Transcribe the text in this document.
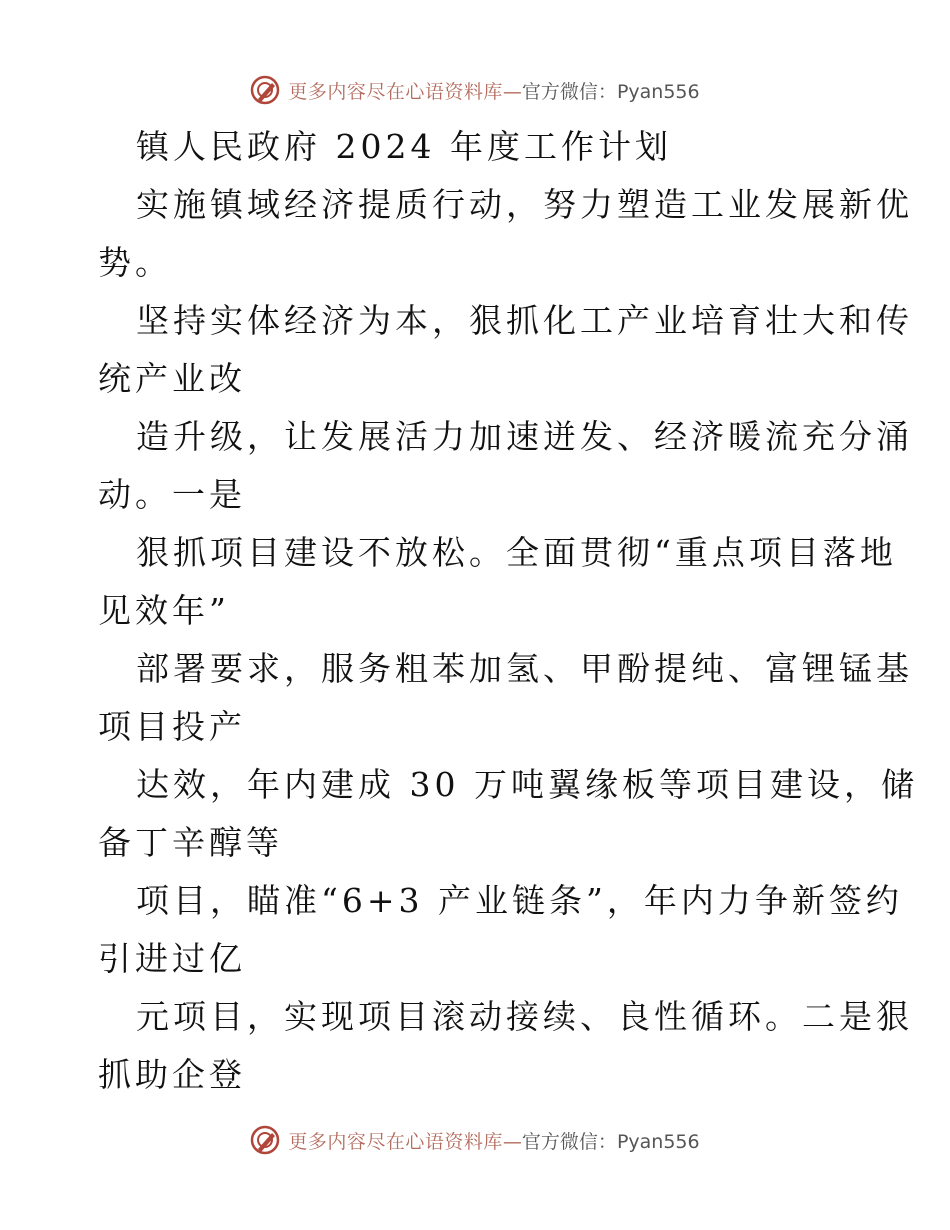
更多内容尽在心语资料库—官方微信：Pyan556
镇人民政府 2024 年度工作计划
实施镇域经济提质行动，努力塑造工业发展新优
势。
坚持实体经济为本，狠抓化工产业培育壮大和传
统产业改
造升级，让发展活力加速迸发、经济暖流充分涌
动。一是
狠抓项目建设不放松。全面贯彻“重点项目落地
见效年”
部署要求，服务粗苯加氢、甲酚提纯、富锂锰基
项目投产
达效，年内建成 30 万吨翼缘板等项目建设，储
备丁辛醇等
项目，瞄准“6+3 产业链条”，年内力争新签约
引进过亿
元项目，实现项目滚动接续、良性循环。二是狠
抓助企登
更多内容尽在心语资料库—官方微信：Pyan556
